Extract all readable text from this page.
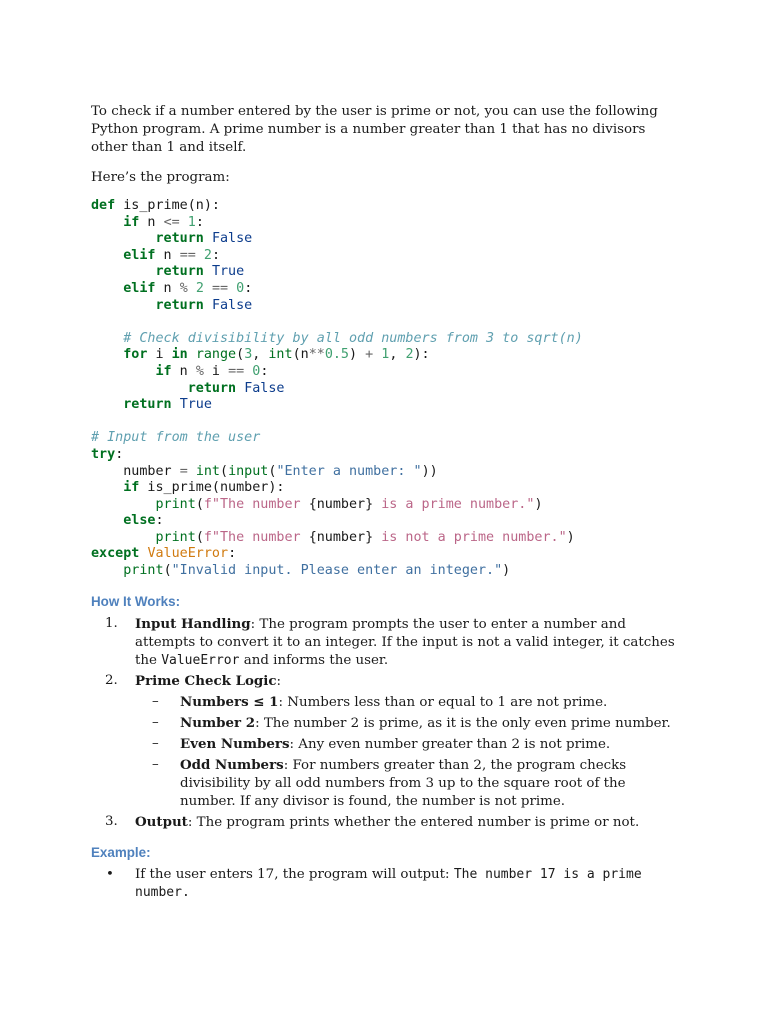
To check if a number entered by the user is prime or not, you can use the following Python program. A prime number is a number greater than 1 that has no divisors other than 1 and itself.

Here’s the program:

def is_prime(n):
if n <= 1:
return False
elif n == 2:
return True
elif n % 2 == 0:
return False

# Check divisibility by all odd numbers from 3 to sqrt(n)
for i in range(3, int(n**0.5) + 1, 2):
if n % i == 0:
return False
return True

# Input from the user
try:
number = int(input("Enter a number: "))
if is_prime(number):
print(f"The number {number} is a prime number.")
else:
print(f"The number {number} is not a prime number.")
except ValueError:
print("Invalid input. Please enter an integer.")
How It Works:
1. Input Handling: The program prompts the user to enter a number and attempts to convert it to an integer. If the input is not a valid integer, it catches the ValueError and informs the user.
2. Prime Check Logic:
– Numbers ≤ 1: Numbers less than or equal to 1 are not prime.
– Number 2: The number 2 is prime, as it is the only even prime number.
– Even Numbers: Any even number greater than 2 is not prime.
– Odd Numbers: For numbers greater than 2, the program checks divisibility by all odd numbers from 3 up to the square root of the number. If any divisor is found, the number is not prime.
3. Output: The program prints whether the entered number is prime or not.
Example:
• If the user enters 17, the program will output: The number 17 is a prime number.
